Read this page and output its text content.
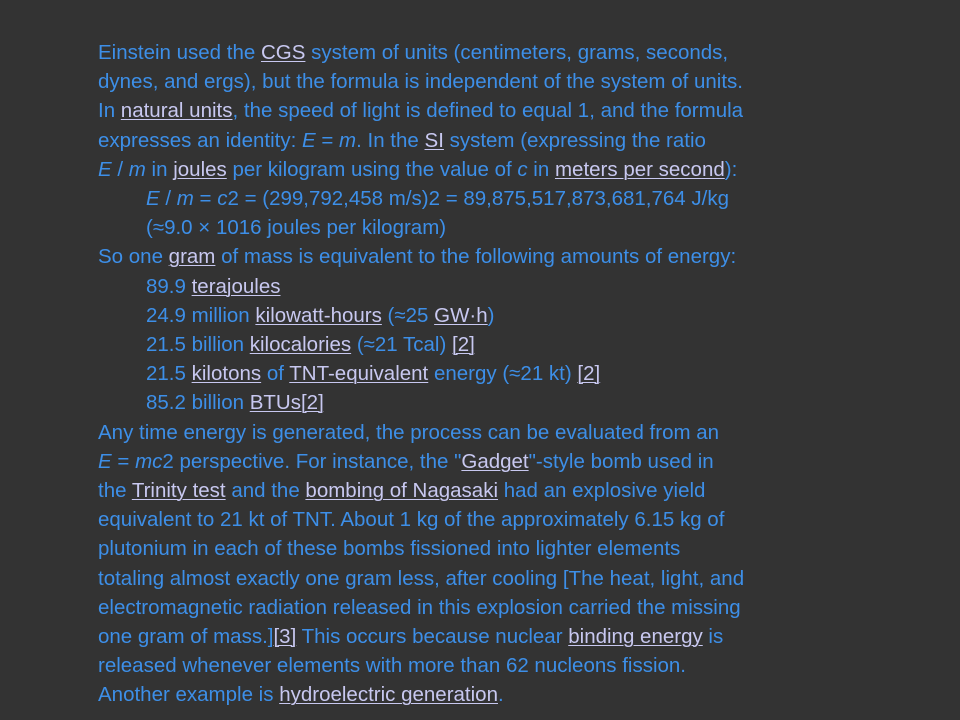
Einstein used the CGS system of units (centimeters, grams, seconds,
dynes, and ergs), but the formula is independent of the system of units.
In natural units, the speed of light is defined to equal 1, and the formula
expresses an identity: E = m. In the SI system (expressing the ratio
E / m in joules per kilogram using the value of c in meters per second):
E / m = c2 = (299,792,458 m/s)2 = 89,875,517,873,681,764 J/kg
(≈9.0 × 1016 joules per kilogram)
So one gram of mass is equivalent to the following amounts of energy:
89.9 terajoules
24.9 million kilowatt-hours (≈25 GW·h)
21.5 billion kilocalories (≈21 Tcal) [2]
21.5 kilotons of TNT-equivalent energy (≈21 kt) [2]
85.2 billion BTUs[2]
Any time energy is generated, the process can be evaluated from an
E = mc2 perspective. For instance, the "Gadget"-style bomb used in
the Trinity test and the bombing of Nagasaki had an explosive yield
equivalent to 21 kt of TNT. About 1 kg of the approximately 6.15 kg of
plutonium in each of these bombs fissioned into lighter elements
totaling almost exactly one gram less, after cooling [The heat, light, and
electromagnetic radiation released in this explosion carried the missing
one gram of mass.][3] This occurs because nuclear binding energy is
released whenever elements with more than 62 nucleons fission.
Another example is hydroelectric generation.
